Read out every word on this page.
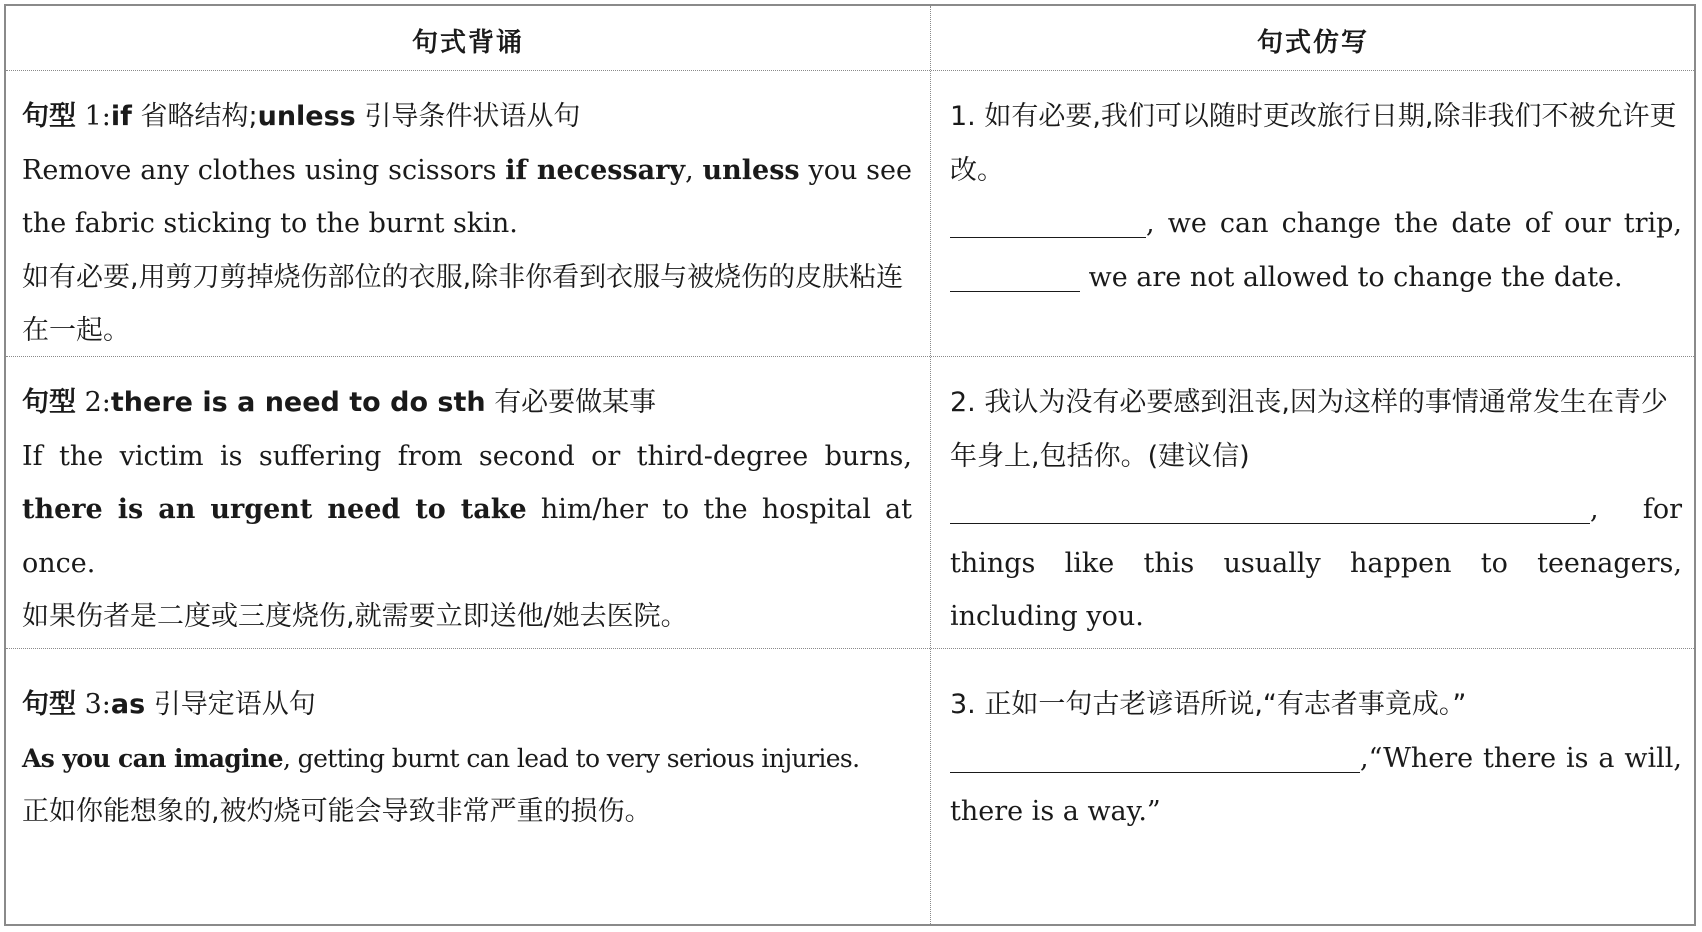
句式背诵	句式仿写

句型 1:if 省略结构;unless 引导条件状语从句

Remove any clothes using scissors if necessary, unless you see the fabric sticking to the burnt skin.

如有必要,用剪刀剪掉烧伤部位的衣服,除非你看到衣服与被烧伤的皮肤粘连在一起。

1. 如有必要,我们可以随时更改旅行日期,除非我们不被允许更改。

, we can change the date of our trip,  we are not allowed to change the date.

句型 2:there is a need to do sth 有必要做某事

If the victim is suffering from second or third-degree burns, there is an urgent need to take him/her to the hospital at once.

如果伤者是二度或三度烧伤,就需要立即送他/她去医院。

2. 我认为没有必要感到沮丧,因为这样的事情通常发生在青少年身上,包括你。(建议信)

, for things like this usually happen to teenagers, including you.

句型 3:as 引导定语从句

As you can imagine, getting burnt can lead to very serious injuries.

正如你能想象的,被灼烧可能会导致非常严重的损伤。

3. 正如一句古老谚语所说,“有志者事竟成。”

,“Where there is a will, there is a way.”
